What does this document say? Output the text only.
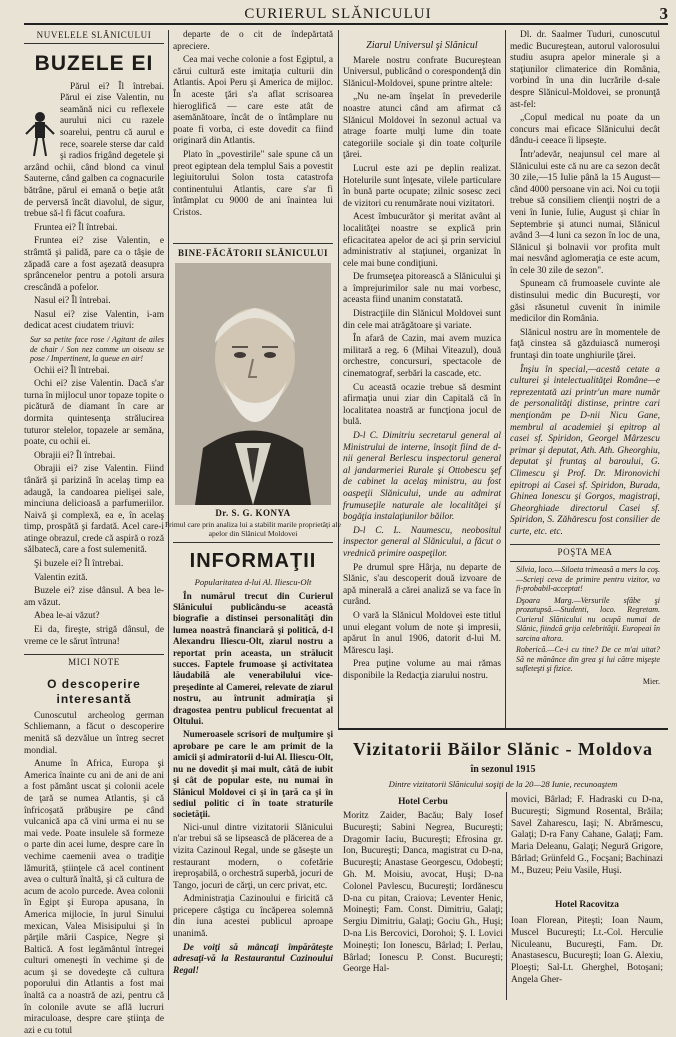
CURIERUL SLĂNICULUI	3
NUVELELE SLĂNICULUI
BUZELE EI

Părul ei? Îl întrebai. Părul ei zise Valentin, nu seamănă nici cu reflexele aurului nici cu razele soarelui, pentru că aurul e rece, soarele sterse dar cald şi radios frigând degetele şi arzând ochii, când blond ca vinul Sauterne, când galben ca cognacurile bătrâne, părul ei emană o beţie atât de perversă încât diavolul, de sigur, trebue să-l fi făcut coafura.

Fruntea ei? Îl întrebai.

Fruntea ei? zise Valentin, e strâmtă şi palidă, pare ca o tâşie de zăpadă care a fost aşezată deasupra sprâncenelor pentru a potoli arsura crescândă a pofelor.

Nasul ei? Îl întrebai.

Nasul ei? zise Valentin, i-am dedicat acest ciudatem triuvi:

Sur sa petite face rose / Agitant de ailes de chair / Son nez comme un oiseau se pose / Impertinent, la queue en air!

Ochii ei? Îl întrebai.

Ochi ei? zise Valentin. Dacă s'ar turna în mijlocul unor topaze topite o picătură de diamant în care ar dormita quintesenţa strălucirea tuturor stelelor, topazele ar semăna, poate, cu ochii ei.

Obrajii ei? Îl întrebai.

Obrajii ei? zise Valentin. Fiind tânără şi parizină în acelaş timp ea adaugă, la candoarea pielişei sale, minciuna delicioasă a parfumeriilor. Naivă şi complexă, ea e, în acelaş timp, prospătă şi fardată. Acel care-i atinge obrazul, crede că aspiră o roză sălbatecă, care a fost sulemenită.

Şi buzele ei? Îl întrebai.

Valentin ezită.

Buzele ei? zise dânsul. A bea le-am văzut.

Abea le-ai văzut?

Ei da, fireşte, strigă dânsul, de vreme ce le sărut întruna!

MICI NOTE
O descoperire interesantă

Cunoscutul archeolog german Schliemann, a făcut o descoperire menită să dezvălue un întreg secret mondial.

Anume în Africa, Europa şi America înainte cu ani de ani de ani a fost pământ uscat şi colonii acele de ţară se numea Atlantis, şi că înfricoşată prăbuşire pe când vulcanică apa că vini urma ei nu se mai vede. Poate insulele să formeze o parte din acei lume, despre care în vechime caemenii avea o tradiţie lămurită, ştiinţele că acel continent avea o cultură înaltă, şi că cultura de acum de acolo purcede. Avea colonii în Egipt şi Europa apusana, în America mijlocie, în jurul Sinului mexican, Valea Misisipului şi în părţile mării Caspice, Negre şi Baltică. A fost legământul întregei culturi omeneşti în vechime şi de acum şi se dovedeşte că cultura poporului din Atlantis a fost mai înaltă ca a noastră de azi, pentru că în colonile avute se află lucruri miraculoase, despre care ştiinţa de azi e cu totul

departe de o cit de îndepărtată apreciere.

Cea mai veche colonie a fost Egiptul, a cărui cultură este imitaţia culturii din Atlantis. Apoi Peru şi America de mijloc. În aceste ţări s'a aflat scrisoarea hieroglifică — care este atât de asemănătoare, încât de o întâmplare nu poate fi vorba, ci este dovedit ca fiind originară din Atlantis.

Plato în „povestirile" sale spune că un preot egiptean dela templul Sais a povestit legiuitorului Solon tosta catastrofa continentului Atlantis, care s'ar fi întâmplat cu 9000 de ani înaintea lui Cristos.

BINE-FĂCĂTORII SLĂNICULUI
Dr. S. G. KONYA
Primul care prin analiza lui a stabilit marile proprietăţi ale apelor din Slănicul Moldovei
INFORMAŢII

Popularitatea d-lui Al. Iliescu-Olt

În numărul trecut din Curierul Slănicului publicându-se această biografie a distinsei personalităţi din lumea noastră financiară şi politică, d-l Alexandru Iliescu-Olt, ziarul nostru a reportat prin aceasta, un strălucit succes. Faptele frumoase şi activitatea lăudabilă ale venerabilului vice-preşedinte al Camerei, relevate de ziarul nostru, au întrunit admiraţia şi dragostea pentru publicul frecuentat al Oltului.

Numeroasele scrisori de mulţumire şi aprobare pe care le am primit de la amicii şi admiratorii d-lui Al. Iliescu-Olt, nu ne dovedit şi mai mult, câtă de iubit şi cât de popular este, nu numai în Slănicul Moldovei ci şi în ţară ca şi în sediul politic ci în toate straturile societăţii.

Nici-unul dintre vizitatorii Slănicului n'ar trebui să se lipsească de plăcerea de a vizita Cazinoul Regal, unde se găseşte un restaurant modern, o cofetărie ireproşabilă, o orchestră superbă, jocuri de Tango, jocuri de cărţi, un cerc privat, etc.

Administraţia Cazinoului e firicită că pricepere câştiga cu încăperea solemnă din iuna acestei publicul aproape unanimă.

De voiţi să mâncaţi împărăteşte adresaţi-vă la Restaurantul Cazinoului Regal!

Ziarul Universul şi Slănicul

Marele nostru confrate Bucureştean Universul, publicând o corespondenţă din Slănicul-Moldovei, spune printre altele:

„Nu ne-am înşelat în prevederile noastre atunci când am afirmat că Slănicul Moldovei în sezonul actual va atrage foarte mulţi lume din toate categoriile sociale şi din toate colţurile ţărei.

Lucrul este azi pe deplin realizat. Hotelurile sunt înţesate, vilele particulare în bună parte ocupate; zilnic sosesc zeci de vizitori cu renumărate noui vizitatori.

Acest îmbucurător şi meritat avânt al localităţei noastre se explică prin eficacitatea apelor de aci şi prin serviciul administrativ al staţiunei, organizat în cele mai bune condiţiuni.

De frumseţea pitorească a Slănicului şi a împrejurimilor sale nu mai vorbesc, aceasta fiind unanim constatată.

Distracţiile din Slănicul Moldovei sunt din cele mai atrăgătoare şi variate.

În afară de Cazin, mai avem muzica militară a reg. 6 (Mihai Viteazul), două orchestre, concursuri, spectacole de cinematograf, serbări la cascade, etc.

Cu această ocazie trebue să desmint afirmaţia unui ziar din Capitală că în localitatea noastră ar funcţiona jocul de bulă.

D-l C. Dimitriu secretarul general al Ministrului de interne, însoţit fiind de d-nii general Berlescu inspectorul general al jandarmeriei Rurale şi Ottobescu şef de cabinet la acelaş ministru, au fost oaspeţii Slănicului, unde au admirat frumuseţile naturale ale localităţei şi bogăţia instalaţiunilor băilor.

D-l C. L. Naumescu, neobositul inspector general al Slănicului, a făcut o vrednică primire oaspeţilor.

Pe drumul spre Hârja, nu departe de Slănic, s'au descoperit două izvoare de apă minerală a cărei analiză se va face în curând.

O vară la Slănicul Moldovei este titlul unui elegant volum de note şi impresii, apărut în anul 1906, datorit d-lui M. Mărescu Iaşi.

Prea puţine volume au mai rămas disponibile la Redacţia ziarului nostru.

Dl. dr. Saalmer Tuduri, cunoscutul medic Bucureştean, autorul valorosului studiu asupra apelor minerale şi a staţiunilor climaterice din România, vorbind în una din lucrările d-sale despre Slănicul-Moldovei, se pronunţă ast-fel:

„Copul medical nu poate da un concurs mai eficace Slănicului decât dându-i ceeace îi lipseşte.

Într'adevăr, neajunsul cel mare al Slănicului este că nu are ca sezon decât 30 zile,—15 Iulie până la 15 August—când 4000 persoane vin aci. Noi cu toţii trebue să consiliem clienţii noştri de a veni în Iunie, Iulie, August şi chiar în Septembrie şi atunci numai, Slănicul având 3—4 luni ca sezon în loc de una, Slănicul şi bolnavii vor profita mult mai nesvând aglomeraţia ce este acum, în cele 30 zile de sezon".

Spuneam că frumoasele cuvinte ale distinsului medic din Bucureşti, vor găsi răsunetul cuvenit în inimile medicilor din România.

Slănicul nostru are în momentele de faţă cinstea să găzduiască numeroşi fruntaşi din toate unghiurile ţărei.

Înşiu în special,—acestă cetate a culturei şi intelectualităţei Române—e reprezentată azi printr'un mare număr de personalităţi distinse, printre cari menţionăm pe D-nii Nicu Gane, membrul al academiei şi epitrop al casei sf. Spiridon, Georgel Mârzescu primar şi deputat, Ath. Ath. Gheorghiu, deputat şi fruntaş al baroului, G. Climescu şi Prof. Dr. Mironovichi epitropi ai Casei sf. Spiridon, Burada, Ghinea Ionescu şi Gorgos, magistraţi, Gheorghiade directorul Casei sf. Spiridon, S. Zăhărescu fost consilier de curte, etc. etc.

POŞTA MEA

Silvia, loco.—Siloeta trimeasă a mers la coş.—Scrieţi ceva de primire pentru vizitor, va fi-probabil-acceptat!

Dşoara Marg.—Versurile sfâbe şi prozatupsă.—Studenti, loco. Regretam. Curierul Slănicului nu ocupă numai de Slănic, fiindcă grija celebrităţii. Europeai în sarcina altora.

Roberică.—Ce-i cu tine? De ce m'ai uitat? Să ne mănânce din grea şi lui către mişeşte sufleteşti şi fizice.

Mier.

Vizitatorii Băilor Slănic - Moldova
în sezonul 1915
Dintre vizitatorii Slănicului soşiţi de la 20—28 Iunie, recunoaştem
Hotel Cerbu
Moritz Zaider, Bacău; Baly Iosef Bucureşti; Sabini Negrea, Bucureşti; Dragomir Iaciu, Bucureşti; Efrosina gr. Ion, Bucureşti; Danca, magistrat cu D-na, Bucureşti; Anastase Georgescu, Odobeşti; Gh. M. Moisiu, avocat, Huşi; D-na Colonel Pavlescu, Bucureşti; Iordănescu D-na cu pitan, Craiova; Leventer Henic, Moineşti; Fam. Const. Dimitriu, Galaţi; Sergiu Dimitriu, Galaţi; Gociu Gh., Huşi; D-na Lis Bercovici, Dorohoi; Ş. I. Lovici Moineşti; Ion Ionescu, Bârlad; I. Perlau, Bârlad; Ionescu P. Const. Bucureşti; George Hal-
movici, Bârlad; F. Hadraski cu D-na, Bucureşti; Sigmund Rosental, Brăila; Savel Zaharescu, Iaşi; N. Abrămescu, Galaţi; D-ra Fany Cahane, Galaţi; Fam. Maria Deleanu, Galaţi; Negură Grigore, Bârlad; Grünfeld G., Focşani; Bachinazi M., Buzeu; Peiu Vasile, Huşi.
Hotel Racovitza
Ioan Florean, Piteşti; Ioan Naum, Muscel Bucureşti; Lt.-Col. Herculie Niculeanu, Bucureşti, Fam. Dr. Anastasescu, Bucureşti; Ioan G. Alexiu, Ploeşti; Sal-Lt. Gherghel, Botoşani; Angela Gher-
